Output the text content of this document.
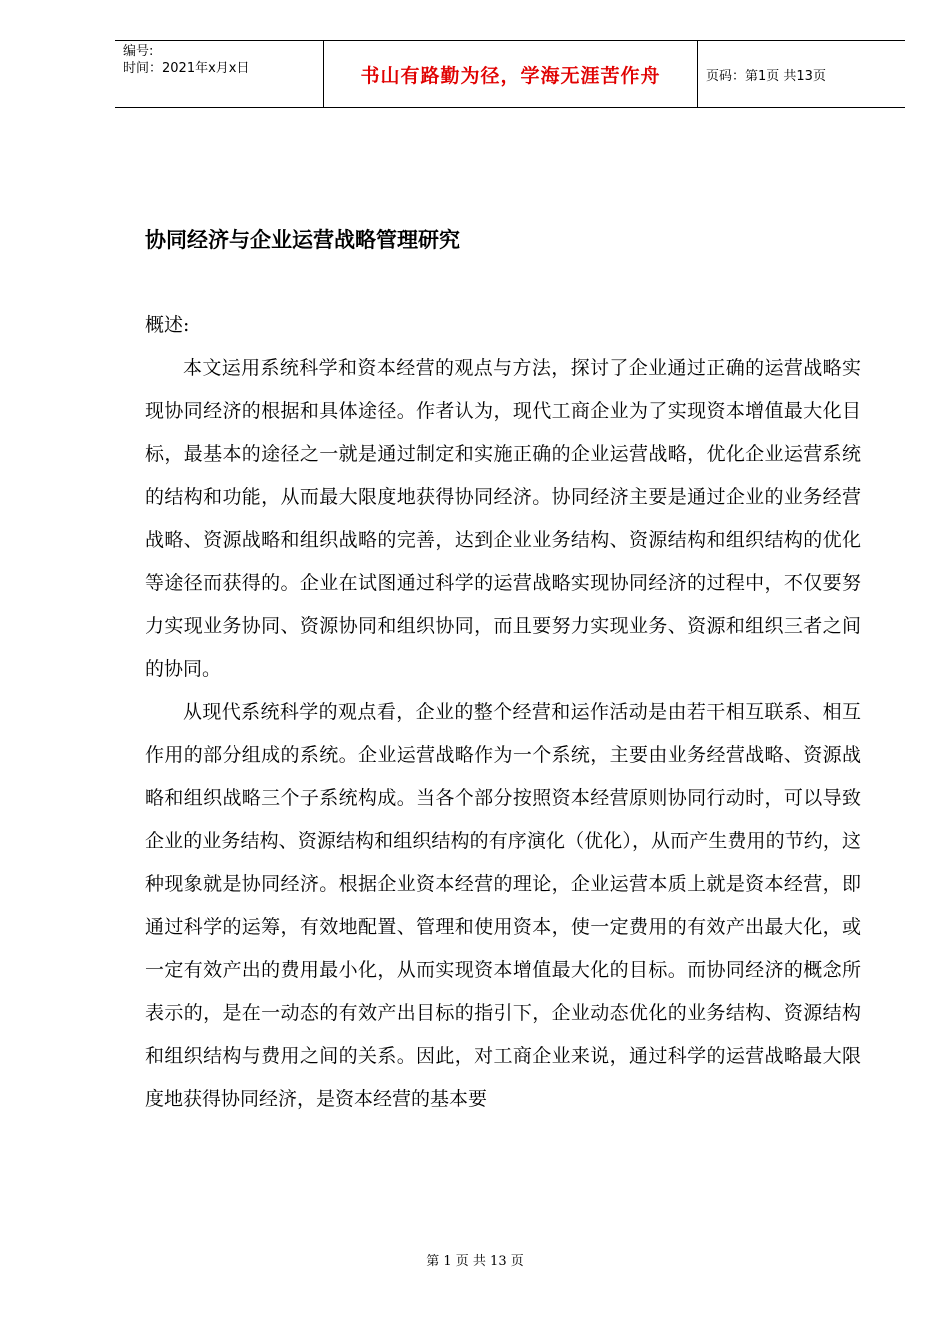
编号:
时间：2021年x月x日	书山有路勤为径，学海无涯苦作舟	页码：第1页 共13页
协同经济与企业运营战略管理研究

概述:

本文运用系统科学和资本经营的观点与方法，探讨了企业通过正确的运营战略实现协同经济的根据和具体途径。作者认为，现代工商企业为了实现资本增值最大化目标，最基本的途径之一就是通过制定和实施正确的企业运营战略，优化企业运营系统的结构和功能，从而最大限度地获得协同经济。协同经济主要是通过企业的业务经营战略、资源战略和组织战略的完善，达到企业业务结构、资源结构和组织结构的优化等途径而获得的。企业在试图通过科学的运营战略实现协同经济的过程中，不仅要努力实现业务协同、资源协同和组织协同，而且要努力实现业务、资源和组织三者之间的协同。

从现代系统科学的观点看，企业的整个经营和运作活动是由若干相互联系、相互作用的部分组成的系统。企业运营战略作为一个系统，主要由业务经营战略、资源战略和组织战略三个子系统构成。当各个部分按照资本经营原则协同行动时，可以导致企业的业务结构、资源结构和组织结构的有序演化（优化），从而产生费用的节约，这种现象就是协同经济。根据企业资本经营的理论，企业运营本质上就是资本经营，即通过科学的运筹，有效地配置、管理和使用资本，使一定费用的有效产出最大化，或一定有效产出的费用最小化，从而实现资本增值最大化的目标。而协同经济的概念所表示的，是在一动态的有效产出目标的指引下，企业动态优化的业务结构、资源结构和组织结构与费用之间的关系。因此，对工商企业来说，通过科学的运营战略最大限度地获得协同经济，是资本经营的基本要

第 1 页 共 13 页
